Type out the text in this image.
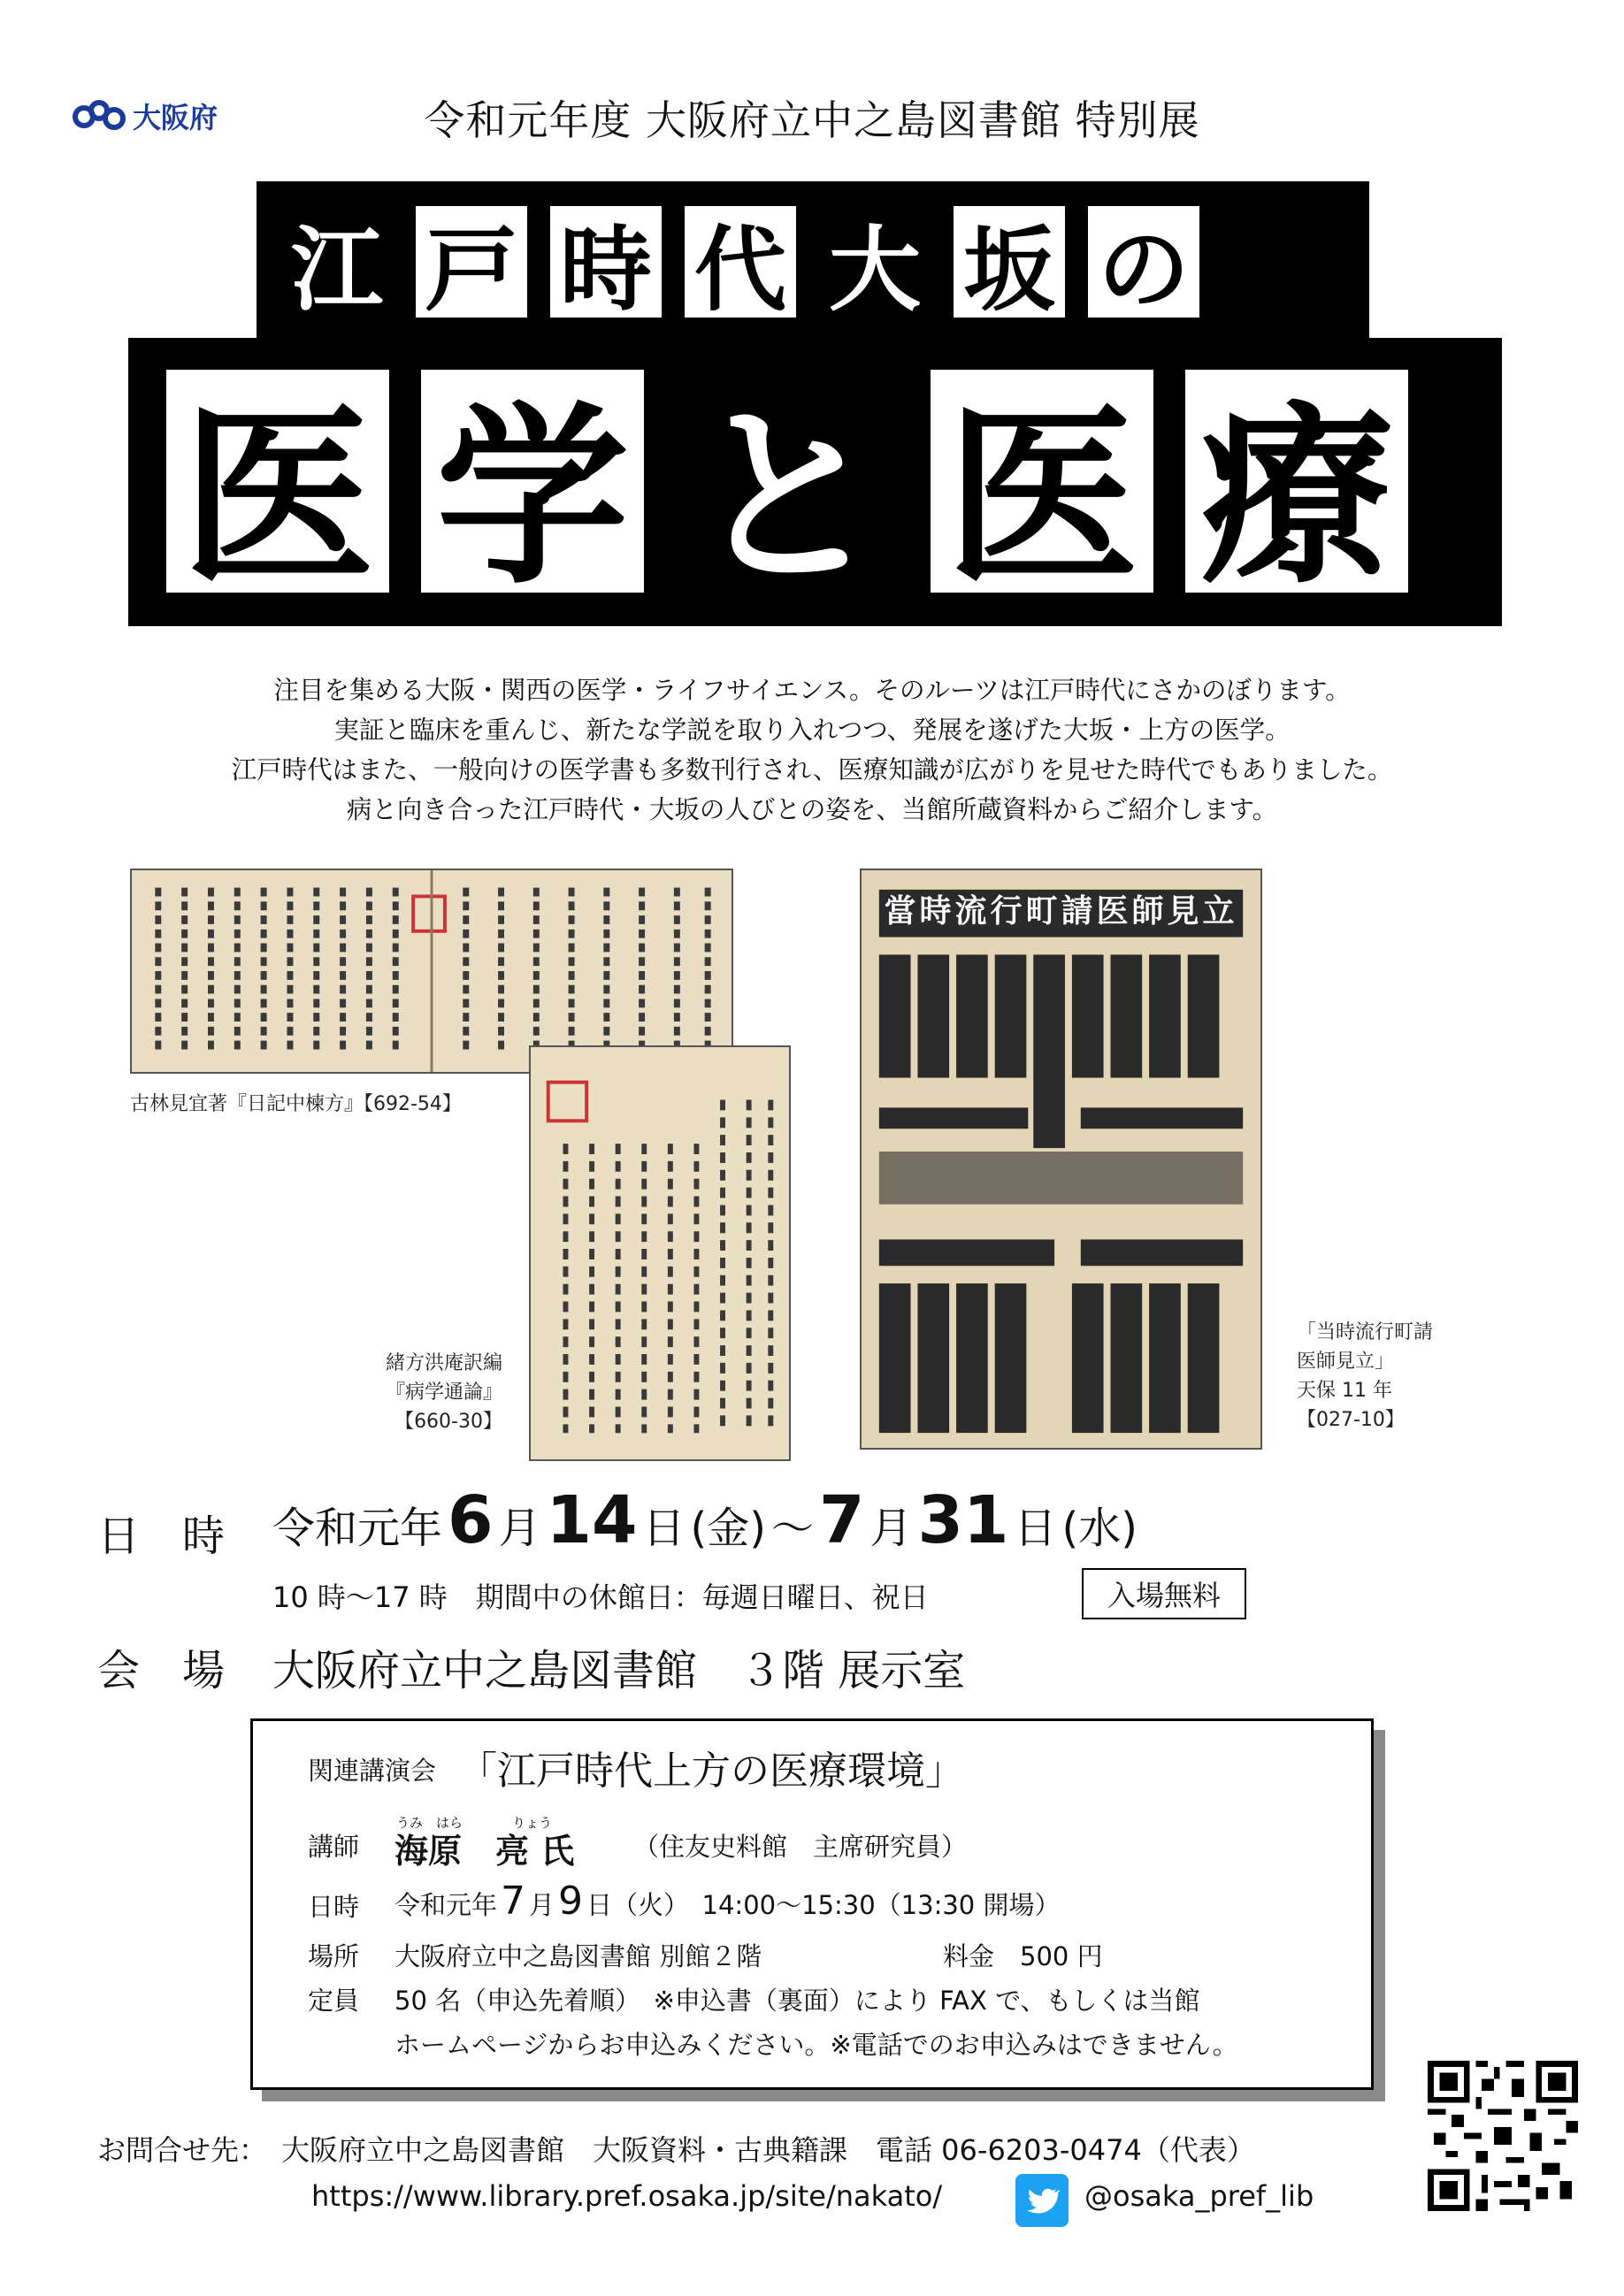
大阪府	令和元年度 大阪府立中之島図書館 特別展
江 戸 時 代 大 坂 の
医 学 と 医 療
注目を集める大阪・関西の医学・ライフサイエンス。そのルーツは江戸時代にさかのぼります。
実証と臨床を重んじ、新たな学説を取り入れつつ、発展を遂げた大坂・上方の医学。
江戸時代はまた、一般向けの医学書も多数刊行され、医療知識が広がりを見せた時代でもありました。
病と向き合った江戸時代・大坂の人びとの姿を、当館所蔵資料からご紹介します。
古林見宜著『日記中楝方』【692-54】
緒方洪庵訳編
『病学通論』
【660-30】
當時流行町請医師見立
「当時流行町請
医師見立」
天保 11 年
【027-10】
日　時 令和元年 6 月 14 日 (金) 〜 7 月 31 日 (水)
10 時〜17 時　期間中の休館日：毎週日曜日、祝日	入場無料
会　場 大阪府立中之島図書館　３階 展示室
関連講演会 「江戸時代上方の医療環境」
講師
うみ　はら	りょう
海原　亮 氏 （住友史料館　主席研究員）
日時 令和元年 7 月 9 日（火）　14:00〜15:30（13:30 開場）
場所 大阪府立中之島図書館 別館２階	料金　500 円
定員 50 名（申込先着順）　※申込書（裏面）により FAX で、もしくは当館
ホームページからお申込みください。※電話でのお申込みはできません。
お問合せ先：　大阪府立中之島図書館　大阪資料・古典籍課　電話 06-6203-0474（代表）
https://www.library.pref.osaka.jp/site/nakato/	@osaka_pref_lib
